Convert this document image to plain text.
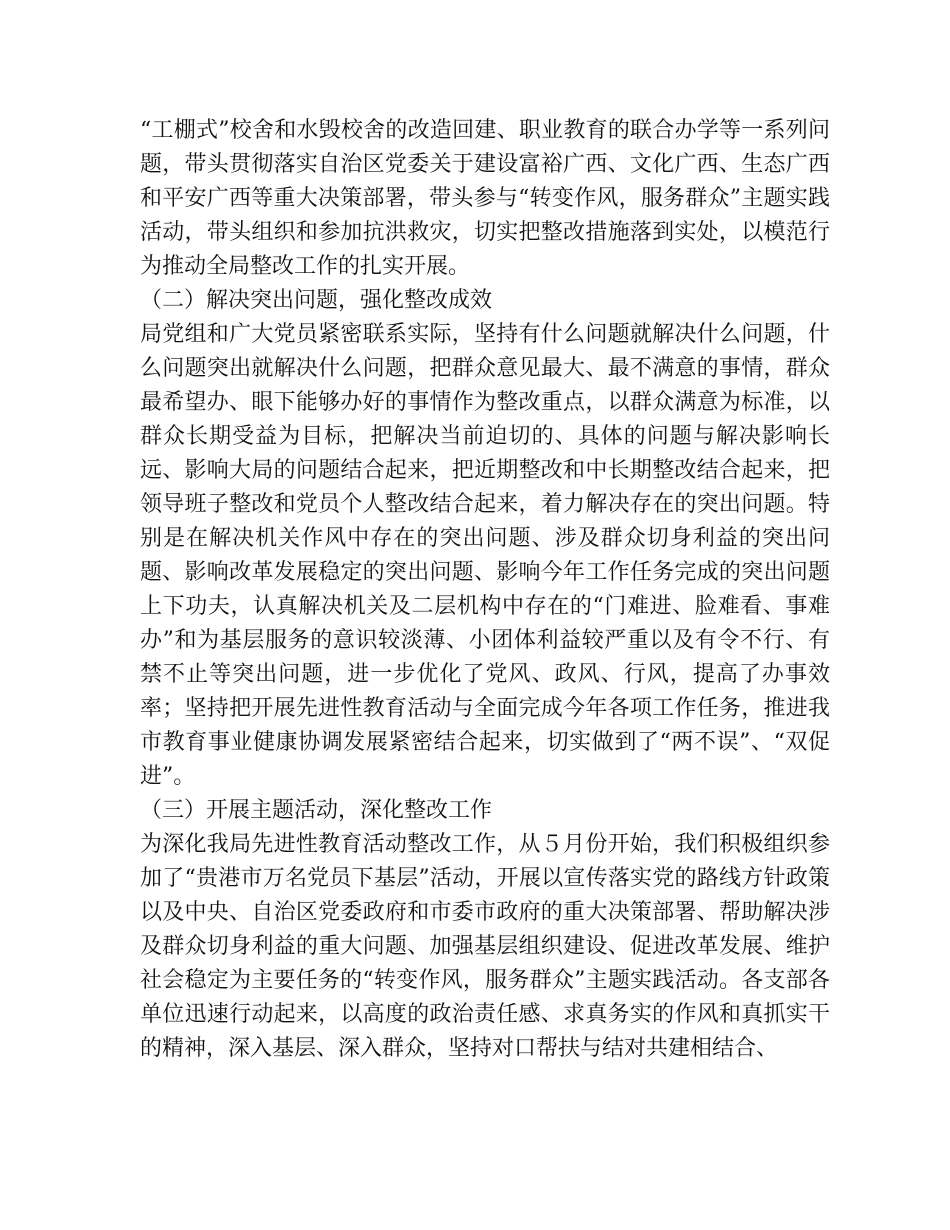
“工棚式”校舍和水毁校舍的改造回建、职业教育的联合办学等一系列问题，带头贯彻落实自治区党委关于建设富裕广西、文化广西、生态广西和平安广西等重大决策部署，带头参与“转变作风，服务群众”主题实践活动，带头组织和参加抗洪救灾，切实把整改措施落到实处，以模范行为推动全局整改工作的扎实开展。

（二）解决突出问题，强化整改成效

局党组和广大党员紧密联系实际，坚持有什么问题就解决什么问题，什么问题突出就解决什么问题，把群众意见最大、最不满意的事情，群众最希望办、眼下能够办好的事情作为整改重点，以群众满意为标准，以群众长期受益为目标，把解决当前迫切的、具体的问题与解决影响长远、影响大局的问题结合起来，把近期整改和中长期整改结合起来，把领导班子整改和党员个人整改结合起来，着力解决存在的突出问题。特别是在解决机关作风中存在的突出问题、涉及群众切身利益的突出问题、影响改革发展稳定的突出问题、影响今年工作任务完成的突出问题上下功夫，认真解决机关及二层机构中存在的“门难进、脸难看、事难办”和为基层服务的意识较淡薄、小团体利益较严重以及有令不行、有禁不止等突出问题，进一步优化了党风、政风、行风，提高了办事效率；坚持把开展先进性教育活动与全面完成今年各项工作任务，推进我市教育事业健康协调发展紧密结合起来，切实做到了“两不误”、“双促进”。

（三）开展主题活动，深化整改工作

为深化我局先进性教育活动整改工作，从５月份开始，我们积极组织参加了“贵港市万名党员下基层”活动，开展以宣传落实党的路线方针政策以及中央、自治区党委政府和市委市政府的重大决策部署、帮助解决涉及群众切身利益的重大问题、加强基层组织建设、促进改革发展、维护社会稳定为主要任务的“转变作风，服务群众”主题实践活动。各支部各单位迅速行动起来，以高度的政治责任感、求真务实的作风和真抓实干的精神，深入基层、深入群众，坚持对口帮扶与结对共建相结合、
